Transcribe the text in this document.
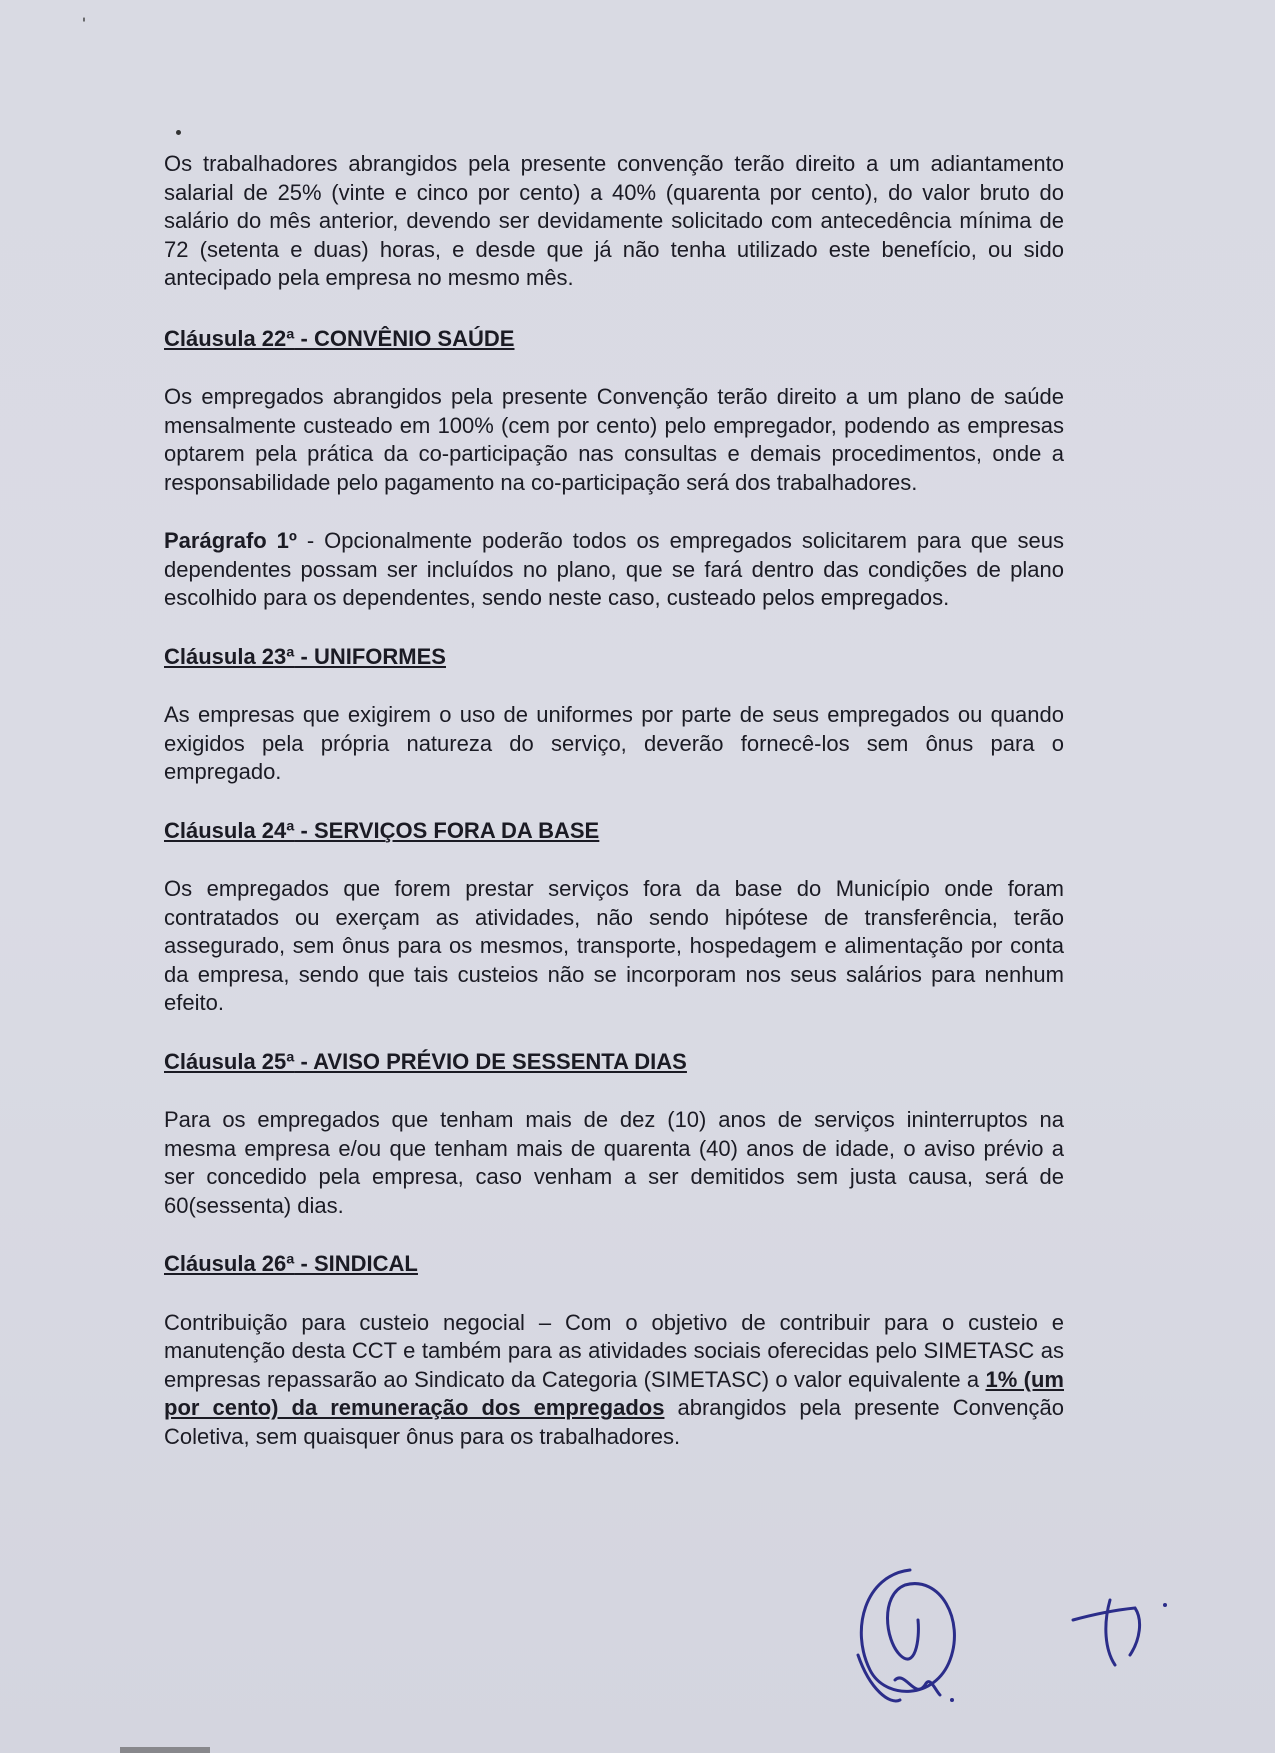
ˈ

Os trabalhadores abrangidos pela presente convenção terão direito a um adiantamento salarial de 25% (vinte e cinco por cento) a 40% (quarenta por cento), do valor bruto do salário do mês anterior, devendo ser devidamente solicitado com antecedência mínima de 72 (setenta e duas) horas, e desde que já não tenha utilizado este benefício, ou sido antecipado pela empresa no mesmo mês.

Cláusula 22ª - CONVÊNIO SAÚDE

Os empregados abrangidos pela presente Convenção terão direito a um plano de saúde mensalmente custeado em 100% (cem por cento) pelo empregador, podendo as empresas optarem pela prática da co-participação nas consultas e demais procedimentos, onde a responsabilidade pelo pagamento na co-participação será dos trabalhadores.

Parágrafo 1º - Opcionalmente poderão todos os empregados solicitarem para que seus dependentes possam ser incluídos no plano, que se fará dentro das condições de plano escolhido para os dependentes, sendo neste caso, custeado pelos empregados.

Cláusula 23ª - UNIFORMES

As empresas que exigirem o uso de uniformes por parte de seus empregados ou quando exigidos pela própria natureza do serviço, deverão fornecê-los sem ônus para o empregado.

Cláusula 24ª - SERVIÇOS FORA DA BASE

Os empregados que forem prestar serviços fora da base do Município onde foram contratados ou exerçam as atividades, não sendo hipótese de transferência, terão assegurado, sem ônus para os mesmos, transporte, hospedagem e alimentação por conta da empresa, sendo que tais custeios não se incorporam nos seus salários para nenhum efeito.

Cláusula 25ª - AVISO PRÉVIO DE SESSENTA DIAS

Para os empregados que tenham mais de dez (10) anos de serviços ininterruptos na mesma empresa e/ou que tenham mais de quarenta (40) anos de idade, o aviso prévio a ser concedido pela empresa, caso venham a ser demitidos sem justa causa, será de 60(sessenta) dias.

Cláusula 26ª - SINDICAL

Contribuição para custeio negocial – Com o objetivo de contribuir para o custeio e manutenção desta CCT e também para as atividades sociais oferecidas pelo SIMETASC as empresas repassarão ao Sindicato da Categoria (SIMETASC) o valor equivalente a 1% (um por cento) da remuneração dos empregados abrangidos pela presente Convenção Coletiva, sem quaisquer ônus para os trabalhadores.
